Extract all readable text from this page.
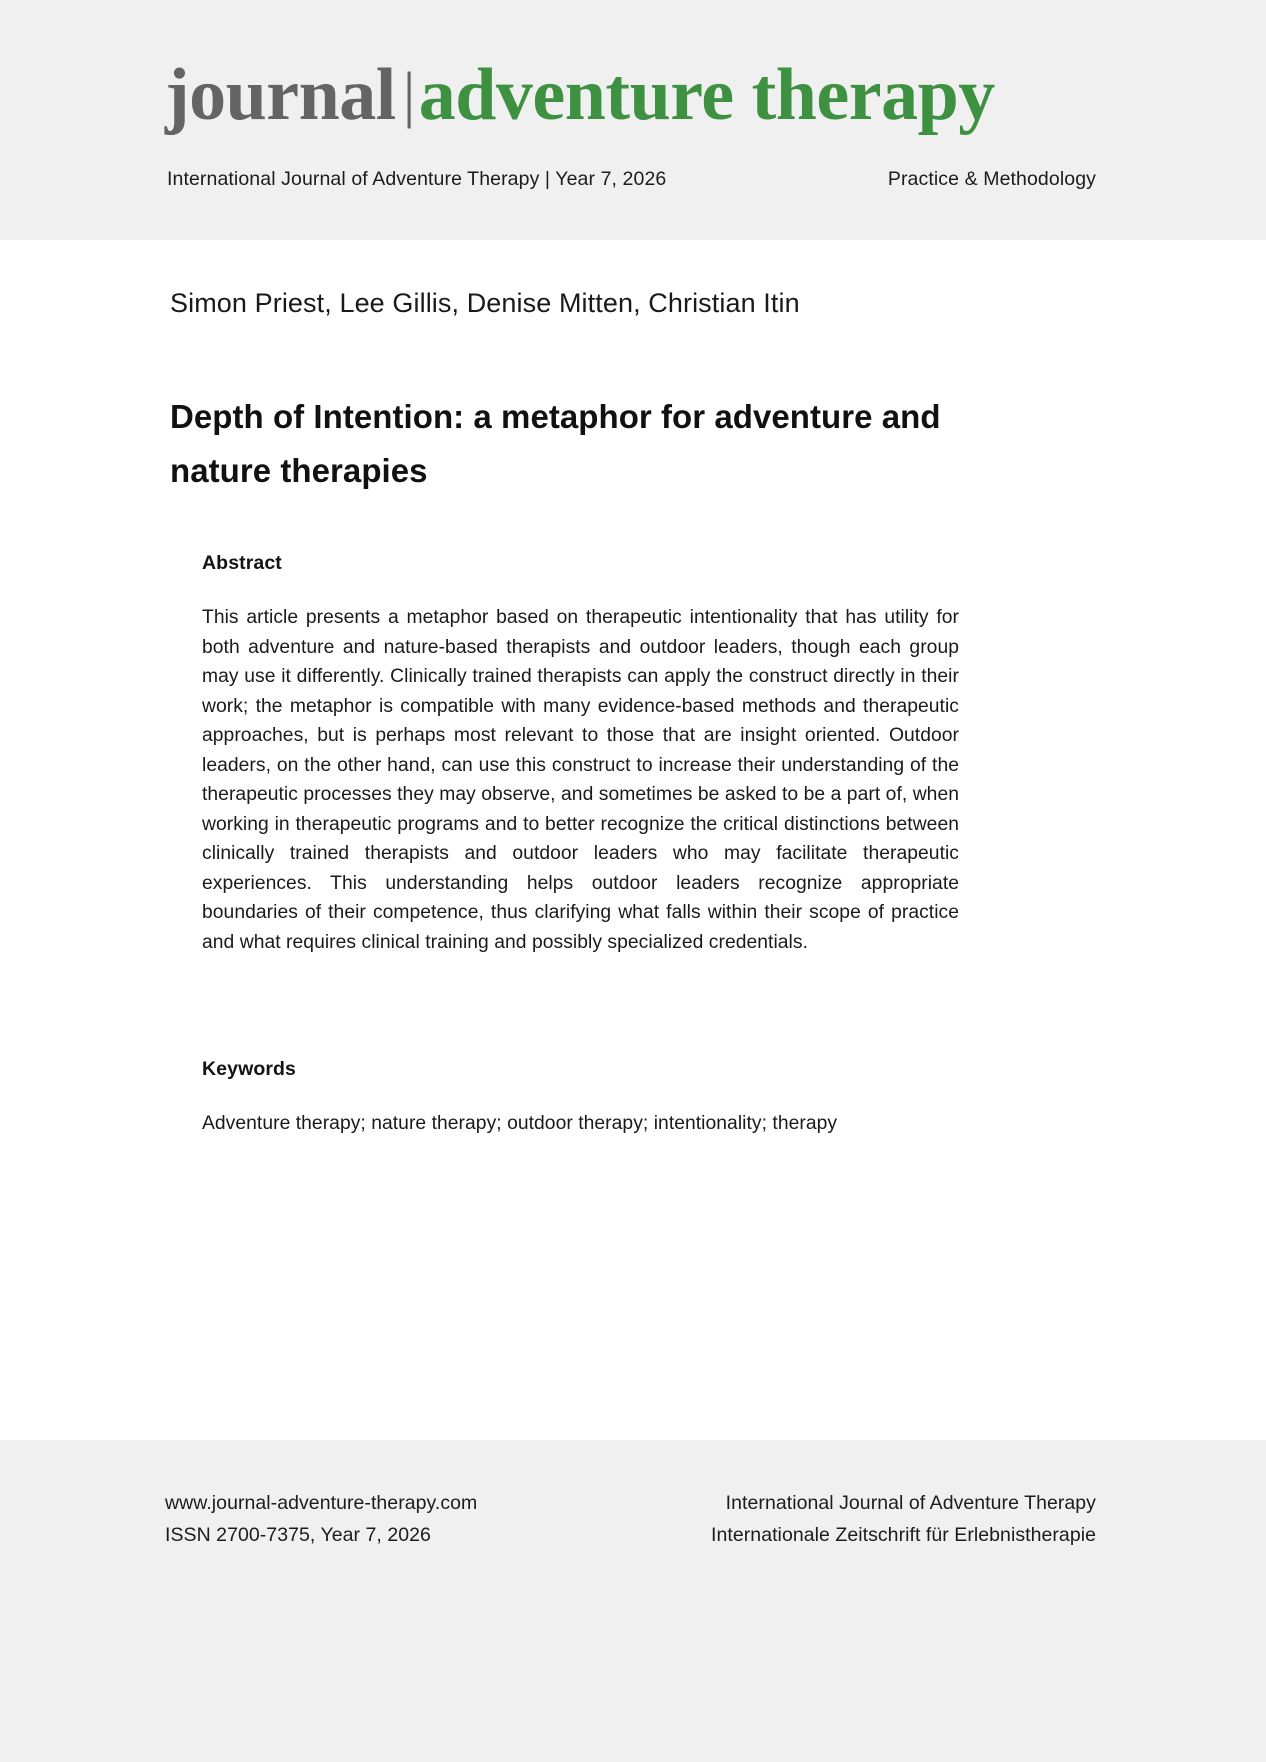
journal |adventure therapy
International Journal of Adventure Therapy | Year 7, 2026	Practice & Methodology
Simon Priest, Lee Gillis, Denise Mitten, Christian Itin
Depth of Intention: a metaphor for adventure and nature therapies
Abstract

This article presents a metaphor based on therapeutic intentionality that has utility for both adventure and nature-based therapists and outdoor leaders, though each group may use it differently. Clinically trained therapists can apply the construct directly in their work; the metaphor is compatible with many evidence-based methods and therapeutic approaches, but is perhaps most relevant to those that are insight oriented. Outdoor leaders, on the other hand, can use this construct to increase their understanding of the therapeutic processes they may observe, and sometimes be asked to be a part of, when working in therapeutic programs and to better recognize the critical distinctions between clinically trained therapists and outdoor leaders who may facilitate therapeutic experiences. This understanding helps outdoor leaders recognize appropriate boundaries of their competence, thus clarifying what falls within their scope of practice and what requires clinical training and possibly specialized credentials.

Keywords

Adventure therapy; nature therapy; outdoor therapy; intentionality; therapy

www.journal-adventure-therapy.com
ISSN 2700-7375, Year 7, 2026
International Journal of Adventure Therapy
Internationale Zeitschrift für Erlebnistherapie
